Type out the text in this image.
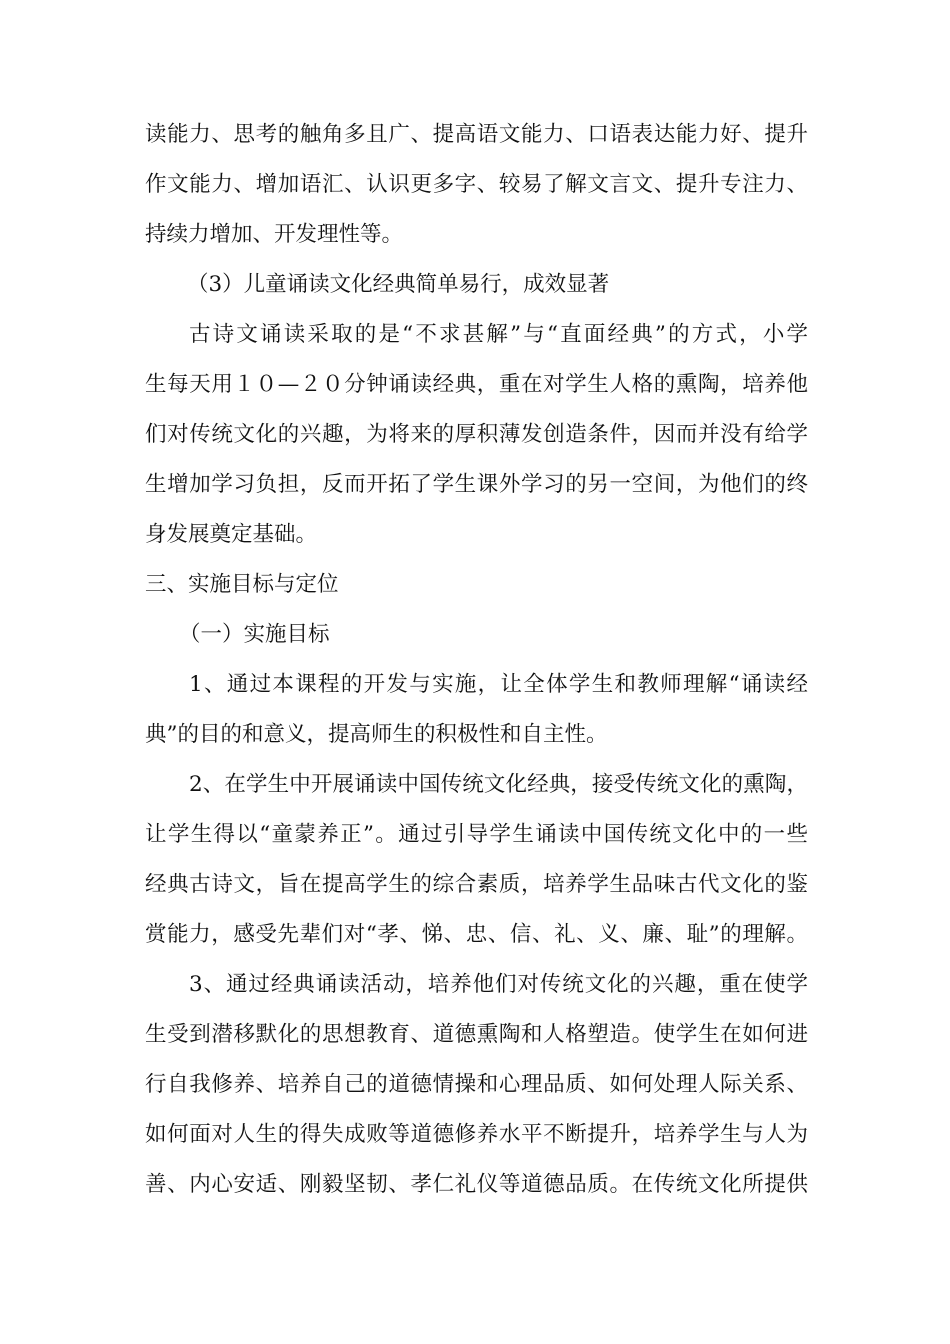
读能力、思考的触角多且广、提高语文能力、口语表达能力好、提升
作文能力、增加语汇、认识更多字、较易了解文言文、提升专注力、
持续力增加、开发理性等。
（3）儿童诵读文化经典简单易行，成效显著
古诗文诵读采取的是“不求甚解”与“直面经典”的方式，小学
生每天用１０—２０分钟诵读经典，重在对学生人格的熏陶，培养他
们对传统文化的兴趣，为将来的厚积薄发创造条件，因而并没有给学
生增加学习负担，反而开拓了学生课外学习的另一空间，为他们的终
身发展奠定基础。
三、实施目标与定位
（一）实施目标
1、通过本课程的开发与实施，让全体学生和教师理解“诵读经
典”的目的和意义，提高师生的积极性和自主性。
2、在学生中开展诵读中国传统文化经典，接受传统文化的熏陶，
让学生得以“童蒙养正”。通过引导学生诵读中国传统文化中的一些
经典古诗文，旨在提高学生的综合素质，培养学生品味古代文化的鉴
赏能力，感受先辈们对“孝、悌、忠、信、礼、义、廉、耻”的理解。
3、通过经典诵读活动，培养他们对传统文化的兴趣，重在使学
生受到潜移默化的思想教育、道德熏陶和人格塑造。使学生在如何进
行自我修养、培养自己的道德情操和心理品质、如何处理人际关系、
如何面对人生的得失成败等道德修养水平不断提升，培养学生与人为
善、内心安适、刚毅坚韧、孝仁礼仪等道德品质。在传统文化所提供
